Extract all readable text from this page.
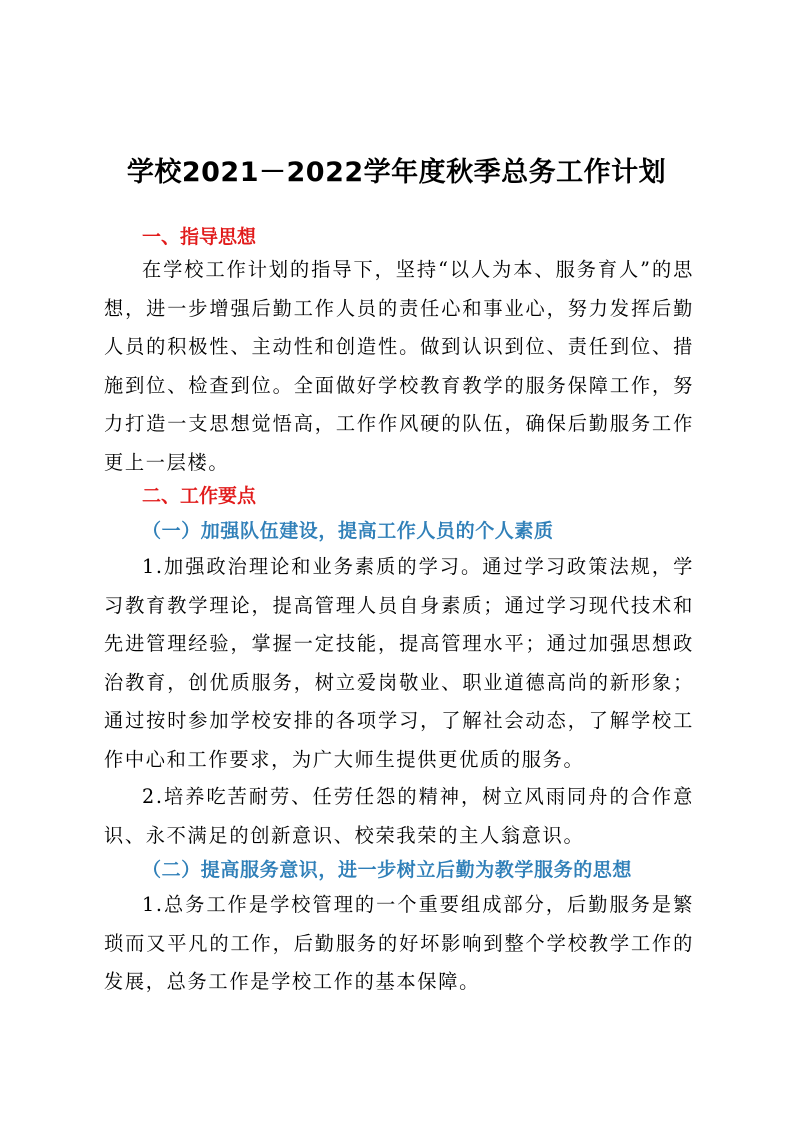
学校2021－2022学年度秋季总务工作计划
一、指导思想

在学校工作计划的指导下，坚持“以人为本、服务育人”的思想，进一步增强后勤工作人员的责任心和事业心，努力发挥后勤人员的积极性、主动性和创造性。做到认识到位、责任到位、措施到位、检查到位。全面做好学校教育教学的服务保障工作，努力打造一支思想觉悟高，工作作风硬的队伍，确保后勤服务工作更上一层楼。

二、工作要点
（一）加强队伍建设，提高工作人员的个人素质

1.加强政治理论和业务素质的学习。通过学习政策法规，学习教育教学理论，提高管理人员自身素质；通过学习现代技术和先进管理经验，掌握一定技能，提高管理水平；通过加强思想政治教育，创优质服务，树立爱岗敬业、职业道德高尚的新形象；通过按时参加学校安排的各项学习，了解社会动态，了解学校工作中心和工作要求，为广大师生提供更优质的服务。

2.培养吃苦耐劳、任劳任怨的精神，树立风雨同舟的合作意识、永不满足的创新意识、校荣我荣的主人翁意识。

（二）提高服务意识，进一步树立后勤为教学服务的思想

1.总务工作是学校管理的一个重要组成部分，后勤服务是繁琐而又平凡的工作，后勤服务的好坏影响到整个学校教学工作的发展，总务工作是学校工作的基本保障。
